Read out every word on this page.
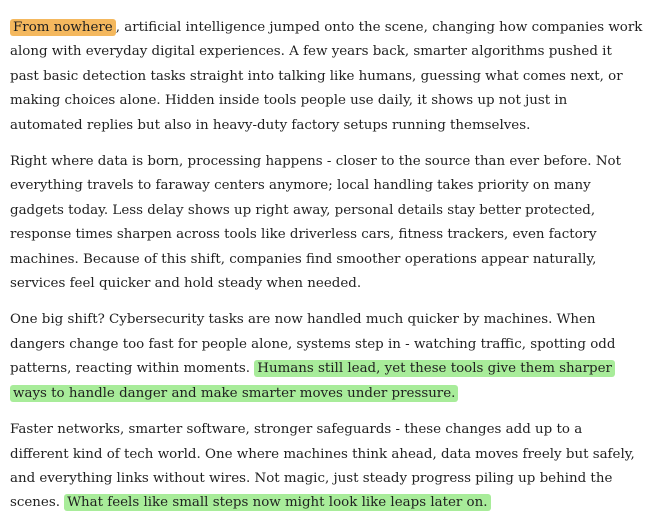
From nowhere , artificial intelligence jumped onto the scene, changing how companies work along with everyday digital experiences. A few years back, smarter algorithms pushed it past basic detection tasks straight into talking like humans, guessing what comes next, or making choices alone. Hidden inside tools people use daily, it shows up not just in automated replies but also in heavy-duty factory setups running themselves.

Right where data is born, processing happens - closer to the source than ever before. Not everything travels to faraway centers anymore; local handling takes priority on many gadgets today. Less delay shows up right away, personal details stay better protected, response times sharpen across tools like driverless cars, fitness trackers, even factory machines. Because of this shift, companies find smoother operations appear naturally, services feel quicker and hold steady when needed.

One big shift? Cybersecurity tasks are now handled much quicker by machines. When dangers change too fast for people alone, systems step in - watching traffic, spotting odd patterns, reacting within moments. Humans still lead, yet these tools give them sharper ways to handle danger and make smarter moves under pressure.

Faster networks, smarter software, stronger safeguards - these changes add up to a different kind of tech world. One where machines think ahead, data moves freely but safely, and everything links without wires. Not magic, just steady progress piling up behind the scenes. What feels like small steps now might look like leaps later on.
